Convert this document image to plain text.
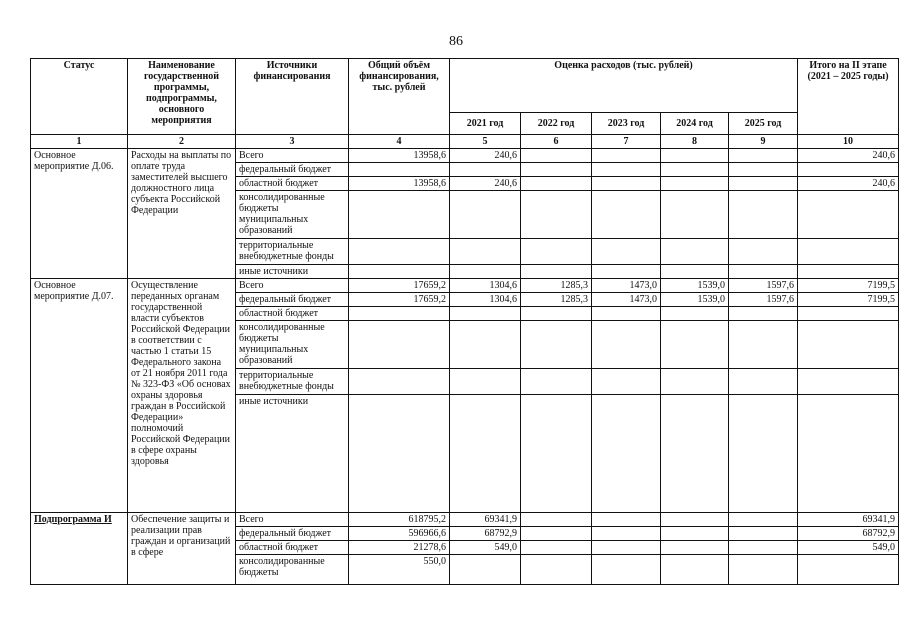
86
Статус	Наименование государственной программы, подпрограммы, основного мероприятия	Источники финансирования	Общий объём финансирования, тыс. рублей	Оценка расходов (тыс. рублей)					Итого на II этапе (2021 – 2025 годы)
				2021 год	2022 год	2023 год	2024 год	2025 год	
1	2	3	4	5	6	7	8	9	10
Основное мероприятие Д.06.	Расходы на выплаты по оплате труда заместителей высшего должностного лица субъекта Российской Федерации	Всего	13958,6	240,6					240,6
		федеральный бюджет							
		областной бюджет	13958,6	240,6					240,6
		консолидированные бюджеты муниципальных образований							
		территориальные внебюджетные фонды							
		иные источники							
Основное мероприятие Д.07.	Осуществление переданных органам государственной власти субъектов Российской Федерации в соответствии с частью 1 статьи 15 Федерального закона от 21 ноября 2011 года № 323-ФЗ «Об основах охраны здоровья граждан в Российской Федерации» полномочий Российской Федерации в сфере охраны здоровья	Всего	17659,2	1304,6	1285,3	1473,0	1539,0	1597,6	7199,5
		федеральный бюджет	17659,2	1304,6	1285,3	1473,0	1539,0	1597,6	7199,5
		областной бюджет							
		консолидированные бюджеты муниципальных образований							
		территориальные внебюджетные фонды							
		иные источники							
Подпрограмма И	Обеспечение защиты и реализации прав граждан и организаций в сфере	Всего	618795,2	69341,9					69341,9
		федеральный бюджет	596966,6	68792,9					68792,9
		областной бюджет	21278,6	549,0					549,0
		консолидированные бюджеты	550,0						
